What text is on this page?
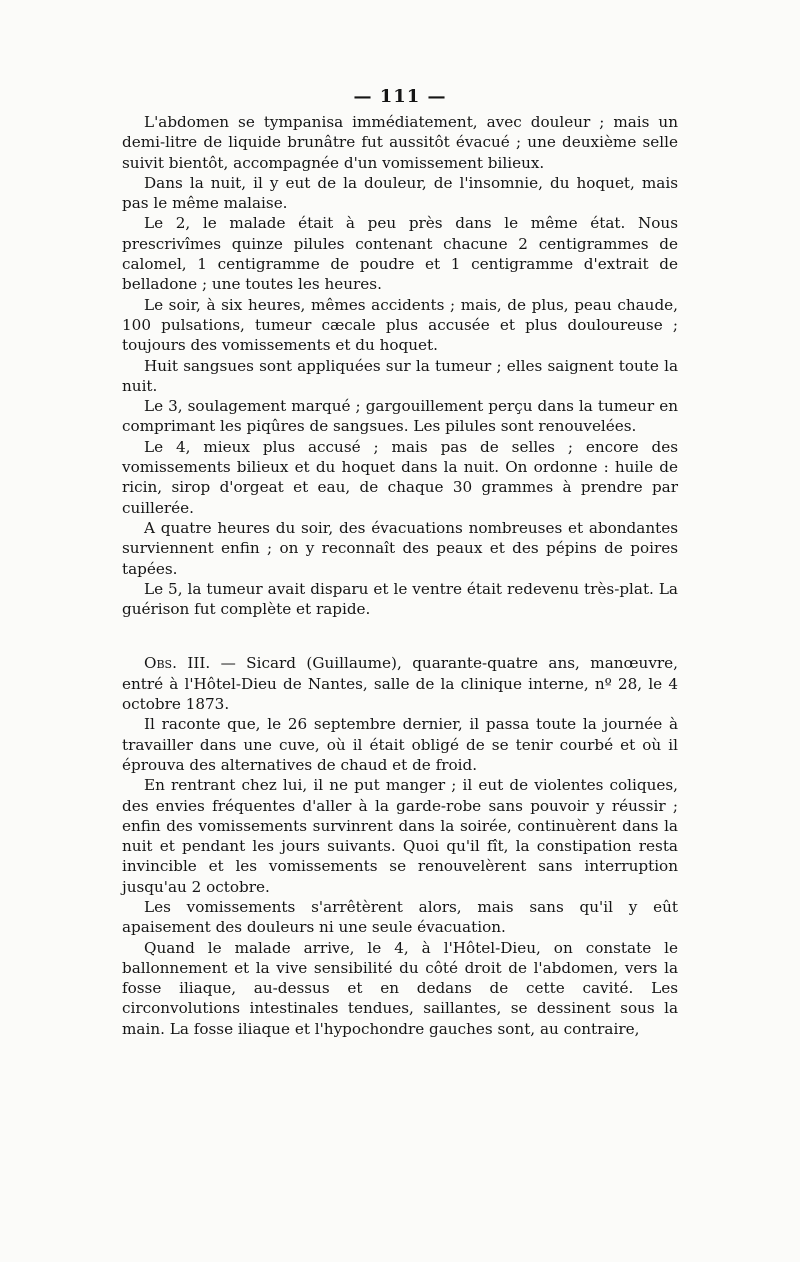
— 111 —

L'abdomen se tympanisa immédiatement, avec douleur ; mais un demi-litre de liquide brunâtre fut aussitôt évacué ; une deuxième selle suivit bientôt, accompagnée d'un vomissement bilieux.

Dans la nuit, il y eut de la douleur, de l'insomnie, du hoquet, mais pas le même malaise.

Le 2, le malade était à peu près dans le même état. Nous prescrivîmes quinze pilules contenant chacune 2 centigrammes de calomel, 1 centigramme de poudre et 1 centigramme d'extrait de belladone ; une toutes les heures.

Le soir, à six heures, mêmes accidents ; mais, de plus, peau chaude, 100 pulsations, tumeur cæcale plus accusée et plus douloureuse ; toujours des vomissements et du hoquet.

Huit sangsues sont appliquées sur la tumeur ; elles saignent toute la nuit.

Le 3, soulagement marqué ; gargouillement perçu dans la tumeur en comprimant les piqûres de sangsues. Les pilules sont renouvelées.

Le 4, mieux plus accusé ; mais pas de selles ; encore des vomissements bilieux et du hoquet dans la nuit. On ordonne : huile de ricin, sirop d'orgeat et eau, de chaque 30 grammes à prendre par cuillerée.

A quatre heures du soir, des évacuations nombreuses et abondantes surviennent enfin ; on y reconnaît des peaux et des pépins de poires tapées.

Le 5, la tumeur avait disparu et le ventre était redevenu très-plat. La guérison fut complète et rapide.

Obs. III. — Sicard (Guillaume), quarante-quatre ans, manœuvre, entré à l'Hôtel-Dieu de Nantes, salle de la clinique interne, nº 28, le 4 octobre 1873.

Il raconte que, le 26 septembre dernier, il passa toute la journée à travailler dans une cuve, où il était obligé de se tenir courbé et où il éprouva des alternatives de chaud et de froid.

En rentrant chez lui, il ne put manger ; il eut de violentes coliques, des envies fréquentes d'aller à la garde-robe sans pouvoir y réussir ; enfin des vomissements survinrent dans la soirée, continuèrent dans la nuit et pendant les jours suivants. Quoi qu'il fît, la constipation resta invincible et les vomissements se renouvelèrent sans interruption jusqu'au 2 octobre.

Les vomissements s'arrêtèrent alors, mais sans qu'il y eût apaisement des douleurs ni une seule évacuation.

Quand le malade arrive, le 4, à l'Hôtel-Dieu, on constate le ballonnement et la vive sensibilité du côté droit de l'abdomen, vers la fosse iliaque, au-dessus et en dedans de cette cavité. Les circonvolutions intestinales tendues, saillantes, se dessinent sous la main. La fosse iliaque et l'hypochondre gauches sont, au contraire,
